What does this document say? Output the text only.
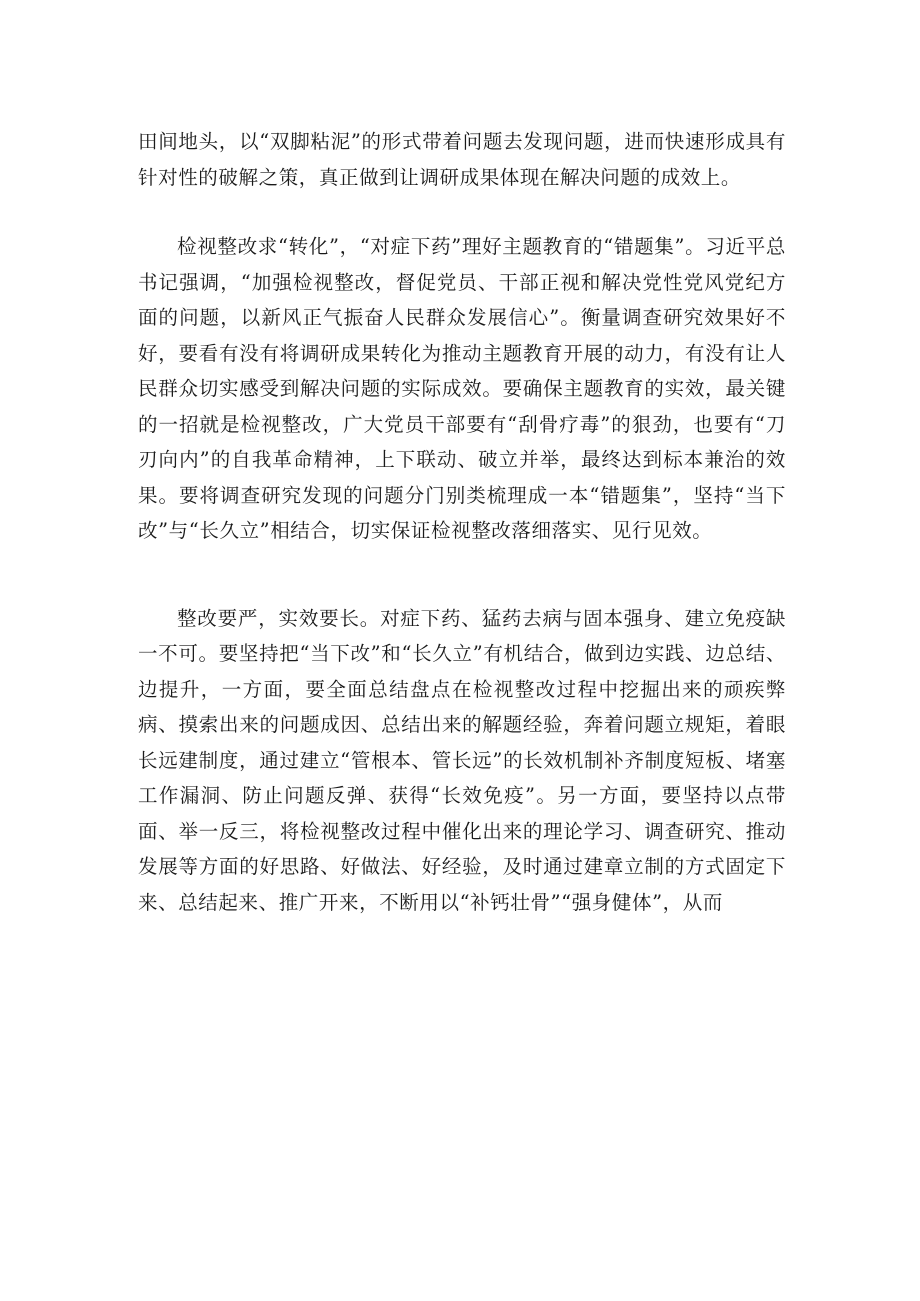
田间地头，以“双脚粘泥”的形式带着问题去发现问题，进而快速形成具有针对性的破解之策，真正做到让调研成果体现在解决问题的成效上。

检视整改求“转化”，“对症下药”理好主题教育的“错题集”。习近平总书记强调，“加强检视整改，督促党员、干部正视和解决党性党风党纪方面的问题，以新风正气振奋人民群众发展信心”。衡量调查研究效果好不好，要看有没有将调研成果转化为推动主题教育开展的动力，有没有让人民群众切实感受到解决问题的实际成效。要确保主题教育的实效，最关键的一招就是检视整改，广大党员干部要有“刮骨疗毒”的狠劲，也要有“刀刃向内”的自我革命精神，上下联动、破立并举，最终达到标本兼治的效果。要将调查研究发现的问题分门别类梳理成一本“错题集”，坚持“当下改”与“长久立”相结合，切实保证检视整改落细落实、见行见效。

整改要严，实效要长。对症下药、猛药去病与固本强身、建立免疫缺一不可。要坚持把“当下改”和“长久立”有机结合，做到边实践、边总结、边提升，一方面，要全面总结盘点在检视整改过程中挖掘出来的顽疾弊病、摸索出来的问题成因、总结出来的解题经验，奔着问题立规矩，着眼长远建制度，通过建立“管根本、管长远”的长效机制补齐制度短板、堵塞工作漏洞、防止问题反弹、获得“长效免疫”。另一方面，要坚持以点带面、举一反三，将检视整改过程中催化出来的理论学习、调查研究、推动发展等方面的好思路、好做法、好经验，及时通过建章立制的方式固定下来、总结起来、推广开来，不断用以“补钙壮骨”“强身健体”，从而
